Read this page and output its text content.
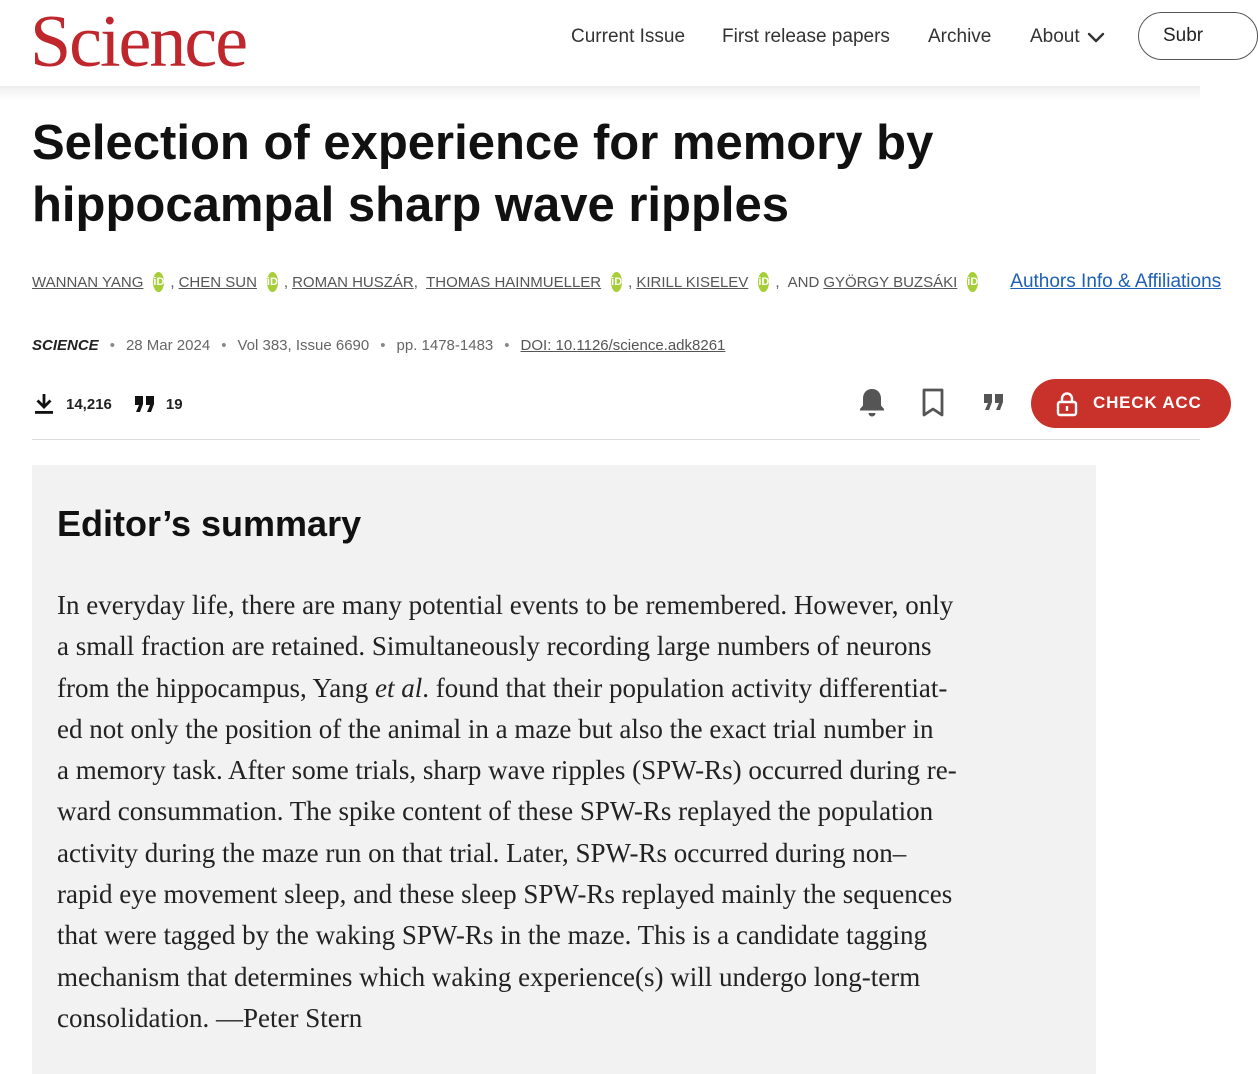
Science	Current Issue First release papers Archive About	Subr
Selection of experience for memory by hippocampal sharp wave ripples
WANNAN YANG iD , CHEN SUN iD , ROMAN HUSZÁR , THOMAS HAINMUELLER iD , KIRILL KISELEV iD , AND GYÖRGY BUZSÁKI iD Authors Info & Affiliations
SCIENCE • 28 Mar 2024 • Vol 383, Issue 6690 • pp. 1478-1483 • DOI: 10.1126/science.adk8261
14,216	19	CHECK ACC
Editor’s summary

In everyday life, there are many potential events to be remembered. However, only
a small fraction are retained. Simultaneously recording large numbers of neurons
from the hippocampus, Yang et al. found that their population activity differentiat-
ed not only the position of the animal in a maze but also the exact trial number in
a memory task. After some trials, sharp wave ripples (SPW-Rs) occurred during re-
ward consummation. The spike content of these SPW-Rs replayed the population
activity during the maze run on that trial. Later, SPW-Rs occurred during non–
rapid eye movement sleep, and these sleep SPW-Rs replayed mainly the sequences
that were tagged by the waking SPW-Rs in the maze. This is a candidate tagging
mechanism that determines which waking experience(s) will undergo long-term
consolidation. —Peter Stern
